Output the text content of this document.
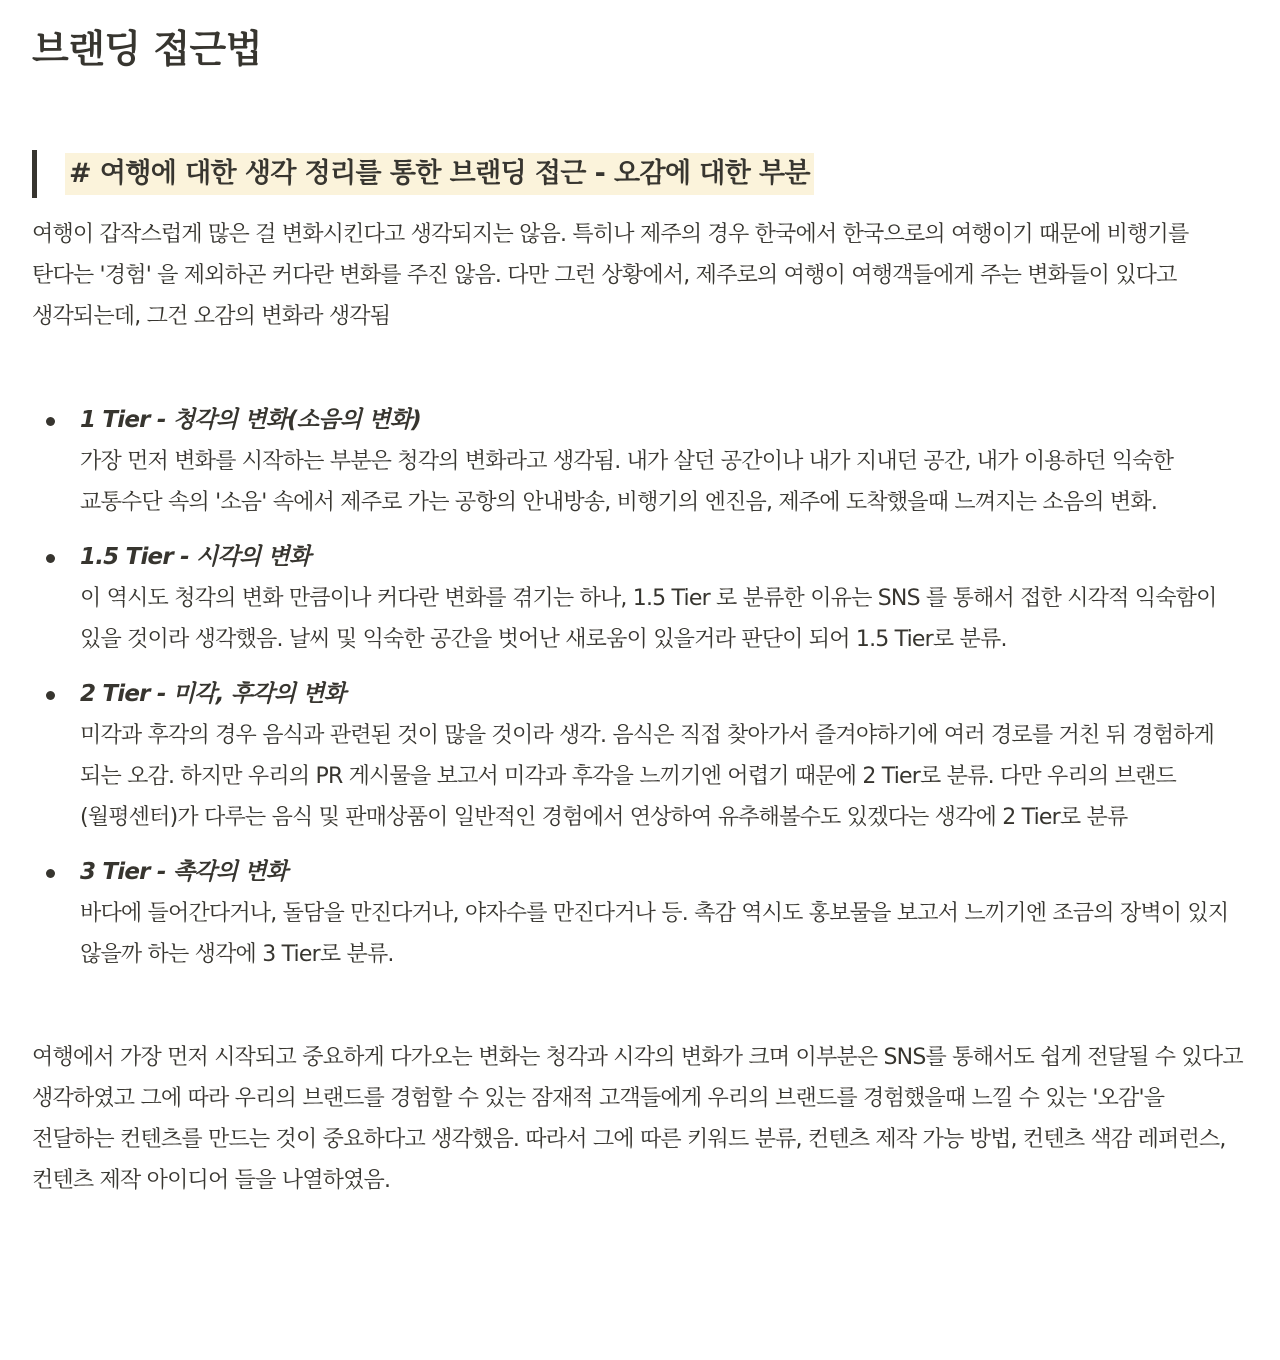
브랜딩 접근법
# 여행에 대한 생각 정리를 통한 브랜딩 접근 - 오감에 대한 부분

여행이 갑작스럽게 많은 걸 변화시킨다고 생각되지는 않음. 특히나 제주의 경우 한국에서 한국으로의 여행이기 때문에 비행기를 탄다는 '경험' 을 제외하곤 커다란 변화를 주진 않음. 다만 그런 상황에서, 제주로의 여행이 여행객들에게 주는 변화들이 있다고 생각되는데, 그건 오감의 변화라 생각됨

1 Tier - 청각의 변화(소음의 변화)
가장 먼저 변화를 시작하는 부분은 청각의 변화라고 생각됨. 내가 살던 공간이나 내가 지내던 공간, 내가 이용하던 익숙한 교통수단 속의 '소음' 속에서 제주로 가는 공항의 안내방송, 비행기의 엔진음, 제주에 도착했을때 느껴지는 소음의 변화.
1.5 Tier - 시각의 변화
이 역시도 청각의 변화 만큼이나 커다란 변화를 겪기는 하나, 1.5 Tier 로 분류한 이유는 SNS 를 통해서 접한 시각적 익숙함이 있을 것이라 생각했음. 날씨 및 익숙한 공간을 벗어난 새로움이 있을거라 판단이 되어 1.5 Tier로 분류.
2 Tier - 미각, 후각의 변화
미각과 후각의 경우 음식과 관련된 것이 많을 것이라 생각. 음식은 직접 찾아가서 즐겨야하기에 여러 경로를 거친 뒤 경험하게 되는 오감. 하지만 우리의 PR 게시물을 보고서 미각과 후각을 느끼기엔 어렵기 때문에 2 Tier로 분류. 다만 우리의 브랜드(월평센터)가 다루는 음식 및 판매상품이 일반적인 경험에서 연상하여 유추해볼수도 있겠다는 생각에 2 Tier로 분류
3 Tier - 촉각의 변화
바다에 들어간다거나, 돌담을 만진다거나, 야자수를 만진다거나 등. 촉감 역시도 홍보물을 보고서 느끼기엔 조금의 장벽이 있지 않을까 하는 생각에 3 Tier로 분류.

여행에서 가장 먼저 시작되고 중요하게 다가오는 변화는 청각과 시각의 변화가 크며 이부분은 SNS를 통해서도 쉽게 전달될 수 있다고 생각하였고 그에 따라 우리의 브랜드를 경험할 수 있는 잠재적 고객들에게 우리의 브랜드를 경험했을때 느낄 수 있는 '오감'을 전달하는 컨텐츠를 만드는 것이 중요하다고 생각했음. 따라서 그에 따른 키워드 분류, 컨텐츠 제작 가능 방법, 컨텐츠 색감 레퍼런스, 컨텐츠 제작 아이디어 들을 나열하였음.
